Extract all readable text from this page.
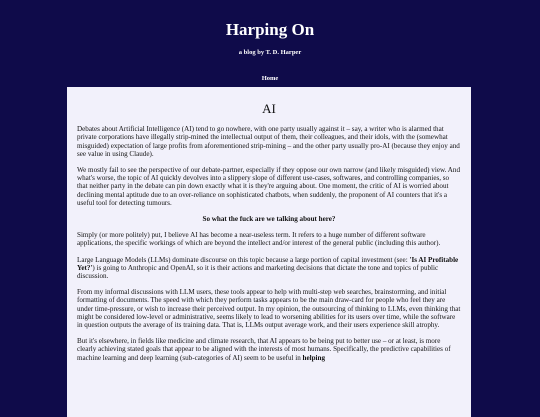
Harping On
a blog by T. D. Harper
Home
AI

Debates about Artificial Intelligence (AI) tend to go nowhere, with one party usually against it – say, a writer who is alarmed that private corporations have illegally strip-mined the intellectual output of them, their colleagues, and their idols, with the (somewhat misguided) expectation of large profits from aforementioned strip-mining – and the other party usually pro-AI (because they enjoy and see value in using Claude).

We mostly fail to see the perspective of our debate-partner, especially if they oppose our own narrow (and likely misguided) view. And what's worse, the topic of AI quickly devolves into a slippery slope of different use-cases, softwares, and controlling companies, so that neither party in the debate can pin down exactly what it is they're arguing about. One moment, the critic of AI is worried about declining mental aptitude due to an over-reliance on sophisticated chatbots, when suddenly, the proponent of AI counters that it's a useful tool for detecting tumours.

So what the fuck are we talking about here?

Simply (or more politely) put, I believe AI has become a near-useless term. It refers to a huge number of different software applications, the specific workings of which are beyond the intellect and/or interest of the general public (including this author).

Large Language Models (LLMs) dominate discourse on this topic because a large portion of capital investment (see: 'Is AI Profitable Yet?') is going to Anthropic and OpenAI, so it is their actions and marketing decisions that dictate the tone and topics of public discussion.

From my informal discussions with LLM users, these tools appear to help with multi-step web searches, brainstorming, and initial formatting of documents. The speed with which they perform tasks appears to be the main draw-card for people who feel they are under time-pressure, or wish to increase their perceived output. In my opinion, the outsourcing of thinking to LLMs, even thinking that might be considered low-level or administrative, seems likely to lead to worsening abilities for its users over time, while the software in question outputs the average of its training data. That is, LLMs output average work, and their users experience skill atrophy.

But it's elsewhere, in fields like medicine and climate research, that AI appears to be being put to better use – or at least, is more clearly achieving stated goals that appear to be aligned with the interests of most humans. Specifically, the predictive capabilities of machine learning and deep learning (sub-categories of AI) seem to be useful in helping
